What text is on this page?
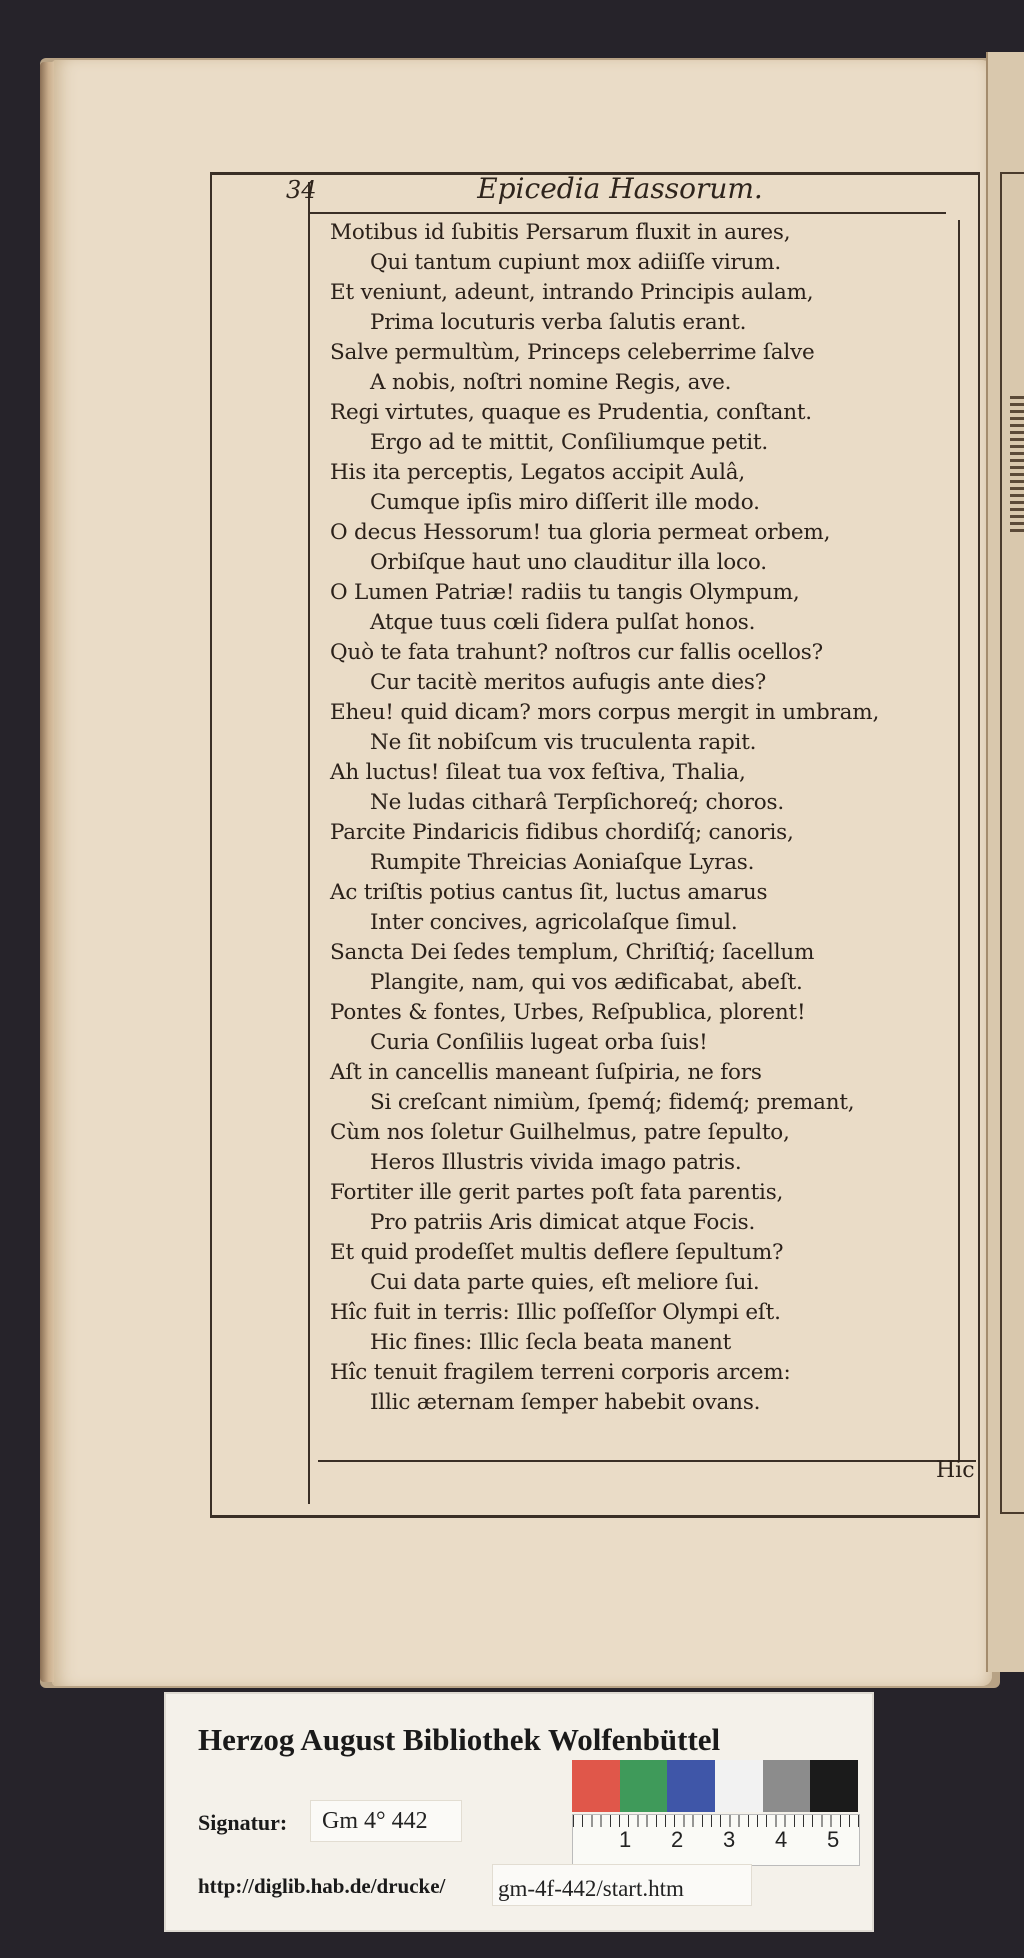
34	Epicedia Hassorum.
Motibus id ſubitis Persarum fluxit in aures,
Qui tantum cupiunt mox adiiſſe virum.
Et veniunt, adeunt, intrando Principis aulam,
Prima locuturis verba ſalutis erant.
Salve permultùm, Princeps celeberrime ſalve
A nobis, noſtri nomine Regis, ave.
Regi virtutes, quaque es Prudentia, conſtant.
Ergo ad te mittit, Conſiliumque petit.
His ita perceptis, Legatos accipit Aulâ,
Cumque ipſis miro diſſerit ille modo.
O decus Hessorum! tua gloria permeat orbem,
Orbiſque haut uno clauditur illa loco.
O Lumen Patriæ! radiis tu tangis Olympum,
Atque tuus cœli ſidera pulſat honos.
Quò te fata trahunt? noſtros cur fallis ocellos?
Cur tacitè meritos aufugis ante dies?
Eheu! quid dicam? mors corpus mergit in umbram,
Ne ſit nobiſcum vis truculenta rapit.
Ah luctus! ſileat tua vox feſtiva, Thalia,
Ne ludas citharâ Terpſichoreq́; choros.
Parcite Pindaricis fidibus chordiſq́; canoris,
Rumpite Threicias Aoniaſque Lyras.
Ac triſtis potius cantus ſit, luctus amarus
Inter concives, agricolaſque ſimul.
Sancta Dei ſedes templum, Chriſtiq́; ſacellum
Plangite, nam, qui vos ædificabat, abeſt.
Pontes & fontes, Urbes, Reſpublica, plorent!
Curia Conſiliis lugeat orba ſuis!
Aſt in cancellis maneant ſuſpiria, ne fors
Si creſcant nimiùm, ſpemq́; fidemq́; premant,
Cùm nos ſoletur Guilhelmus, patre ſepulto,
Heros Illustris vivida imago patris.
Fortiter ille gerit partes poſt fata parentis,
Pro patriis Aris dimicat atque Focis.
Et quid prodeſſet multis deflere ſepultum?
Cui data parte quies, eſt meliore ſui.
Hîc fuit in terris: Illic poſſeſſor Olympi eſt.
Hic fines: Illic ſecla beata manent
Hîc tenuit fragilem terreni corporis arcem:
Illic æternam ſemper habebit ovans.
Hic
Herzog August Bibliothek Wolfenbüttel
1 2 3 4 5
Signatur: Gm 4° 442
http://diglib.hab.de/drucke/ gm-4f-442/start.htm
